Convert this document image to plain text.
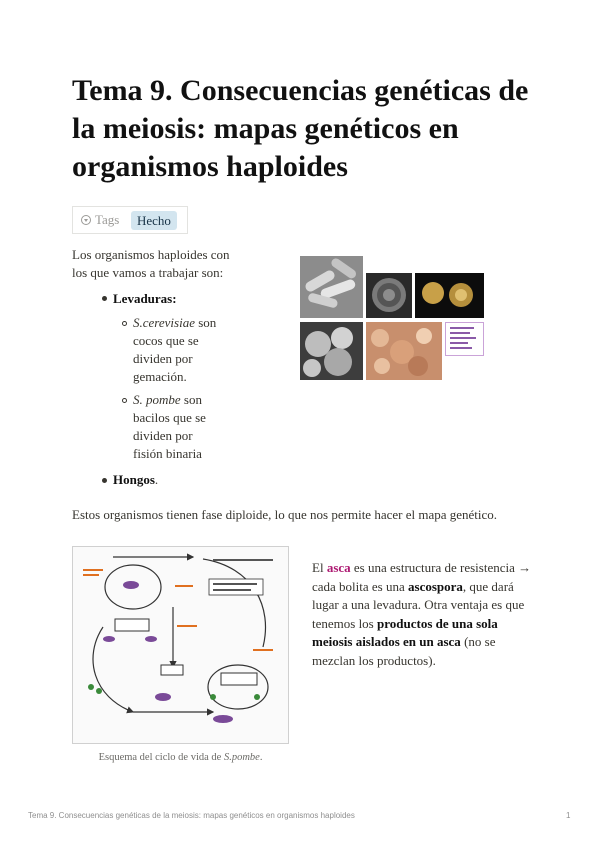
Tema 9. Consecuencias genéticas de la meiosis: mapas genéticos en organismos haploides
Tags	Hecho
Los organismos haploides con los que vamos a trabajar son:
Levaduras:
S.cerevisiae son cocos que se dividen por gemación.
S. pombe son bacilos que se dividen por fisión binaria
Hongos.
Estos organismos tienen fase diploide, lo que nos permite hacer el mapa genético.
Esquema del ciclo de vida de S.pombe.
El asca es una estructura de resistencia → cada bolita es una ascospora, que dará lugar a una levadura. Otra ventaja es que tenemos los productos de una sola meiosis aislados en un asca (no se mezclan los productos).
Tema 9. Consecuencias genéticas de la meiosis: mapas genéticos en organismos haploides	1
